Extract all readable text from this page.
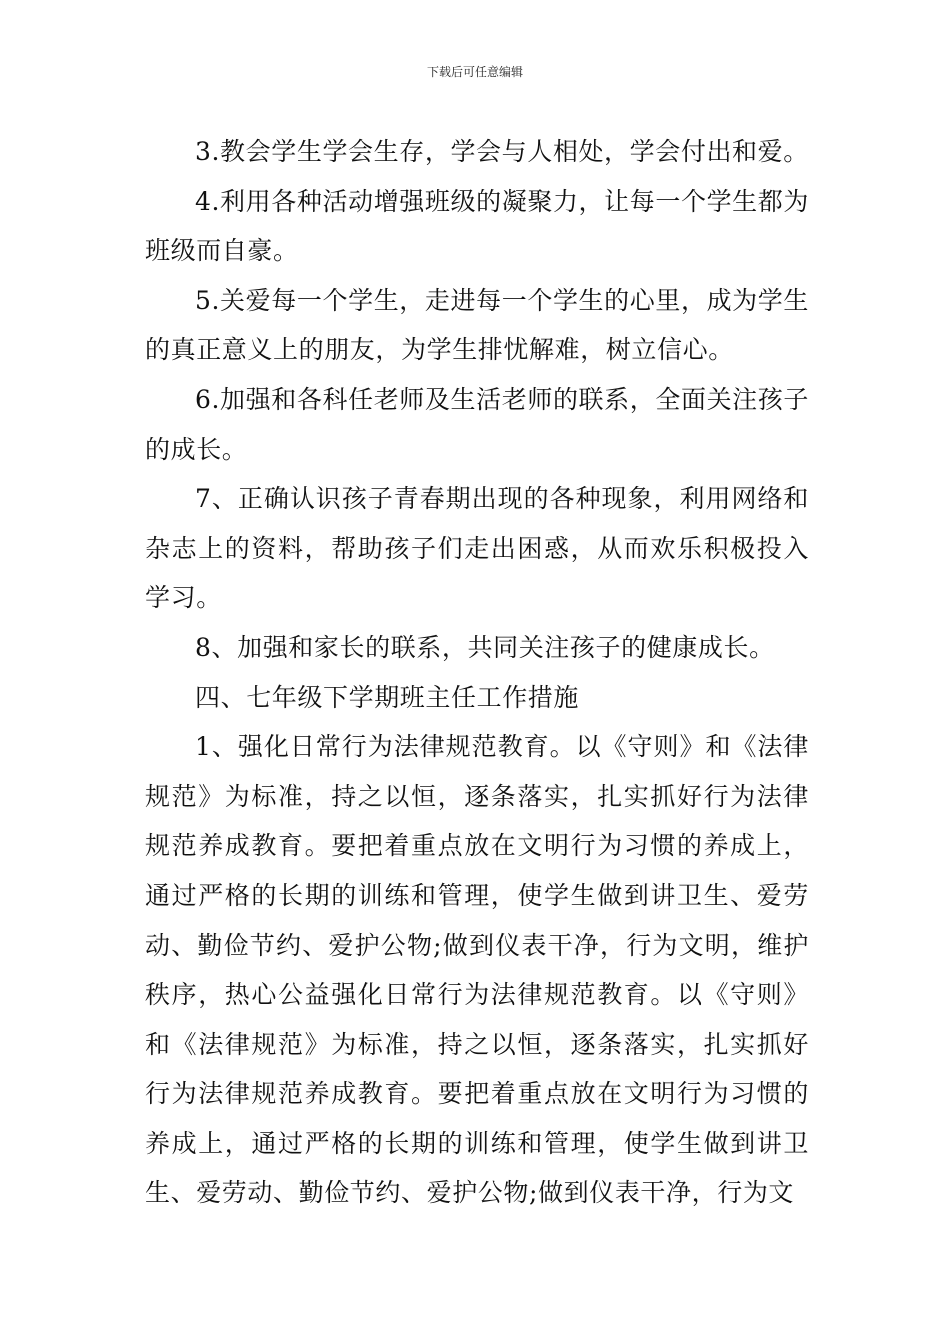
下载后可任意编辑

3.教会学生学会生存，学会与人相处，学会付出和爱。

4.利用各种活动增强班级的凝聚力，让每一个学生都为班级而自豪。

5.关爱每一个学生，走进每一个学生的心里，成为学生的真正意义上的朋友，为学生排忧解难，树立信心。

6.加强和各科任老师及生活老师的联系，全面关注孩子的成长。

7、正确认识孩子青春期出现的各种现象，利用网络和杂志上的资料，帮助孩子们走出困惑，从而欢乐积极投入学习。

8、加强和家长的联系，共同关注孩子的健康成长。

四、七年级下学期班主任工作措施

1、强化日常行为法律规范教育。以《守则》和《法律规范》为标准，持之以恒，逐条落实，扎实抓好行为法律规范养成教育。要把着重点放在文明行为习惯的养成上，通过严格的长期的训练和管理，使学生做到讲卫生、爱劳动、勤俭节约、爱护公物;做到仪表干净，行为文明，维护秩序，热心公益强化日常行为法律规范教育。以《守则》和《法律规范》为标准，持之以恒，逐条落实，扎实抓好行为法律规范养成教育。要把着重点放在文明行为习惯的养成上，通过严格的长期的训练和管理，使学生做到讲卫生、爱劳动、勤俭节约、爱护公物;做到仪表干净，行为文
